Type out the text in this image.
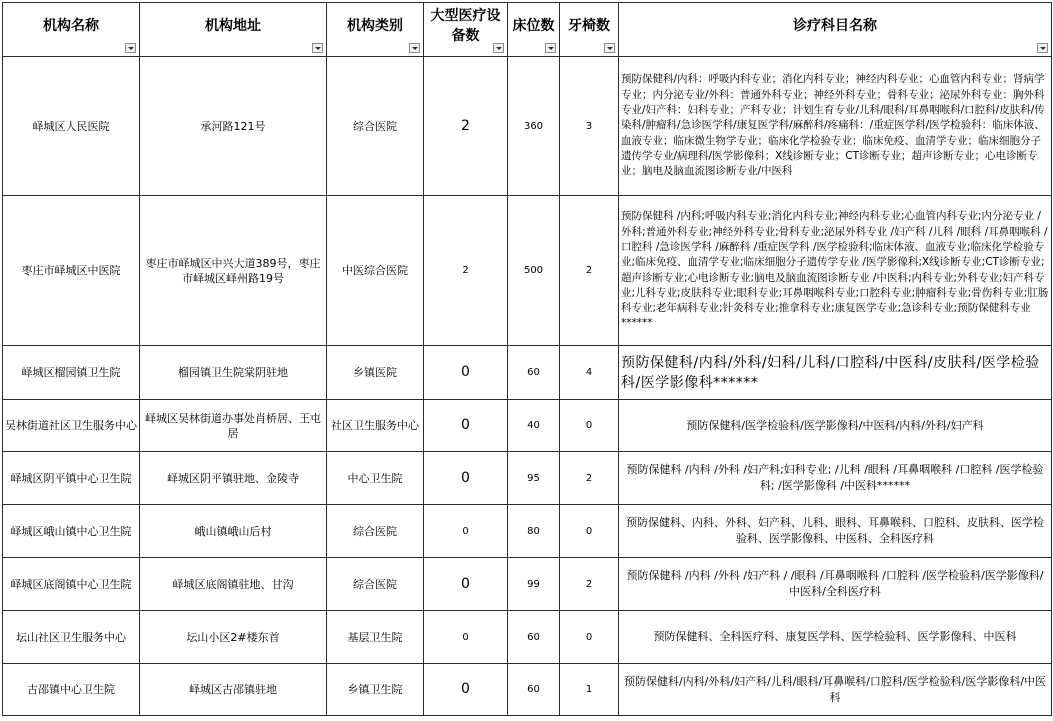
机构名称	机构地址	机构类别	大型医疗设备数	床位数	牙椅数	诊疗科目名称

峄城区人民医院	承河路121号	综合医院	2	360	3	预防保健科/内科：呼吸内科专业；消化内科专业；神经内科专业；心血管内科专业；肾病学专业；内分泌专业/外科：普通外科专业；神经外科专业；骨科专业；泌尿外科专业：胸外科专业/妇产科：妇科专业；产科专业；计划生育专业/儿科/眼科/耳鼻咽喉科/口腔科/皮肤科/传染科/肿瘤科/急诊医学科/康复医学科/麻醉科/疼痛科：/重症医学科/医学检验科：临床体液、血液专业；临床微生物学专业；临床化学检验专业；临床免疫、血清学专业；临床细胞分子遗传学专业/病理科/医学影像科；X线诊断专业；CT诊断专业；超声诊断专业；心电诊断专业；脑电及脑血流图诊断专业/中医科
枣庄市峄城区中医院	枣庄市峄城区中兴大道389号，枣庄市峄城区峄州路19号	中医综合医院	2	500	2	预防保健科 /内科;呼吸内科专业;消化内科专业;神经内科专业;心血管内科专业;内分泌专业 /外科;普通外科专业;神经外科专业;骨科专业;泌尿外科专业 /妇产科 /儿科 /眼科 /耳鼻咽喉科 /口腔科 /急诊医学科 /麻醉科 /重症医学科 /医学检验科;临床体液、血液专业;临床化学检验专业;临床免疫、血清学专业;临床细胞分子遗传学专业 /医学影像科;X线诊断专业;CT诊断专业;超声诊断专业;心电诊断专业;脑电及脑血流图诊断专业 /中医科;内科专业;外科专业;妇产科专业;儿科专业;皮肤科专业;眼科专业;耳鼻咽喉科专业;口腔科专业;肿瘤科专业;骨伤科专业;肛肠科专业;老年病科专业;针灸科专业;推拿科专业;康复医学专业;急诊科专业;预防保健科专业******
峄城区榴园镇卫生院	榴园镇卫生院棠阴驻地	乡镇医院	0	60	4	预防保健科/内科/外科/妇科/儿科/口腔科/中医科/皮肤科/医学检验科/医学影像科******
吴林街道社区卫生服务中心	峄城区吴林街道办事处肖桥居、王屯居	社区卫生服务中心	0	40	0	预防保健科/医学检验科/医学影像科/中医科/内科/外科/妇产科
峄城区阴平镇中心卫生院	峄城区阴平镇驻地、金陵寺	中心卫生院	0	95	2	预防保健科 /内科 /外科 /妇产科;妇科专业; /儿科 /眼科 /耳鼻咽喉科 /口腔科 /医学检验科; /医学影像科 /中医科******
峄城区峨山镇中心卫生院	峨山镇峨山后村	综合医院	0	80	0	预防保健科、内科、外科、妇产科、儿科、眼科、耳鼻喉科、口腔科、皮肤科、医学检验科、医学影像科、中医科、全科医疗科
峄城区底阁镇中心卫生院	峄城区底阁镇驻地、甘沟	综合医院	0	99	2	预防保健科 /内科 /外科 /妇产科 / /眼科 /耳鼻咽喉科 /口腔科 /医学检验科/医学影像科/中医科/全科医疗科
坛山社区卫生服务中心	坛山小区2#楼东首	基层卫生院	0	60	0	预防保健科、全科医疗科、康复医学科、医学检验科、医学影像科、中医科
古邵镇中心卫生院	峄城区古邵镇驻地	乡镇卫生院	0	60	1	预防保健科/内科/外科/妇产科/儿科/眼科/耳鼻喉科/口腔科/医学检验科/医学影像科/中医科
